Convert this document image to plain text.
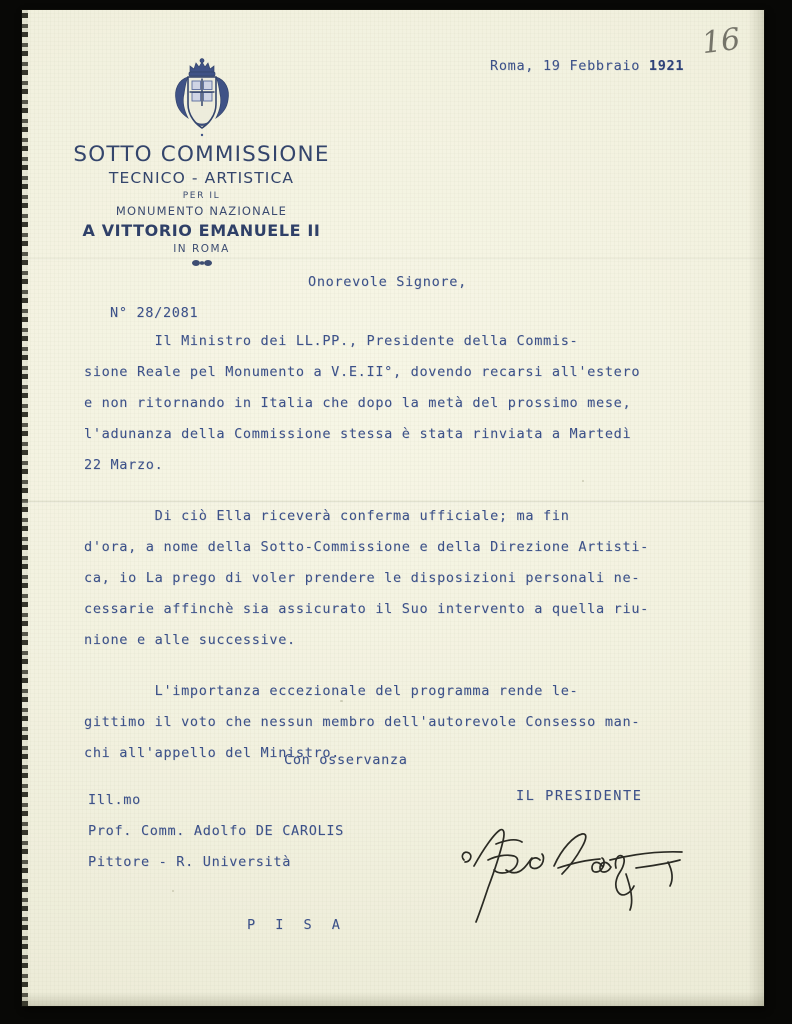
16
Roma, 19 Febbraio 1921
SOTTO COMMISSIONE
TECNICO - ARTISTICA
PER IL
MONUMENTO NAZIONALE
A VITTORIO EMANUELE II
IN ROMA
Onorevole Signore,
N° 28/2081

Il Ministro dei LL.PP., Presidente della Commis-
sione Reale pel Monumento a V.E.II°, dovendo recarsi all'estero
e non ritornando in Italia che dopo la metà del prossimo mese,
l'adunanza della Commissione stessa è stata rinviata a Martedì
22 Marzo.

Di ciò Ella riceverà conferma ufficiale; ma fin
d'ora, a nome della Sotto-Commissione e della Direzione Artisti-
ca, io La prego di voler prendere le disposizioni personali ne-
cessarie affinchè sia assicurato il Suo intervento a quella riu-
nione e alle successive.

L'importanza eccezionale del programma rende le-
gittimo il voto che nessun membro dell'autorevole Consesso man-
chi all'appello del Ministro.

Con osservanza
Ill.mo
Prof. Comm. Adolfo DE CAROLIS
Pittore - R. Università
P I S A
IL PRESIDENTE
